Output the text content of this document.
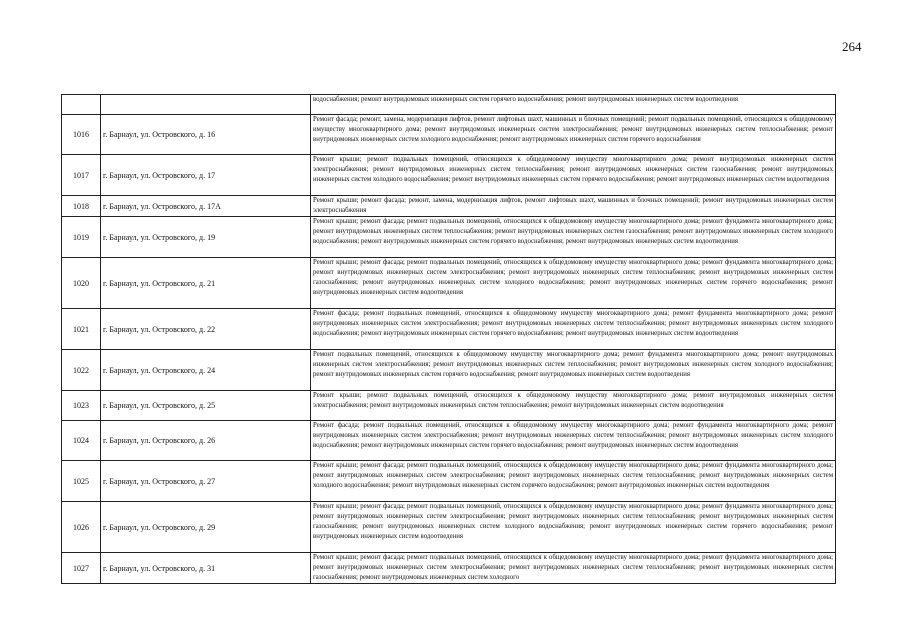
264
		водоснабжения; ремонт внутридомовых инженерных систем горячего водоснабжения; ремонт внутридомовых инженерных систем водоотведения
1016	г. Барнаул, ул. Островского, д. 16	Ремонт фасада; ремонт, замена, модернизация лифтов, ремонт лифтовых шахт, машинных и блочных помещений; ремонт подвальных помещений, относящихся к общедомовому имуществу многоквартирного дома; ремонт внутридомовых инженерных систем электроснабжения; ремонт внутридомовых инженерных систем теплоснабжения; ремонт внутридомовых инженерных систем холодного водоснабжения; ремонт внутридомовых инженерных систем горячего водоснабжения
1017	г. Барнаул, ул. Островского, д. 17	Ремонт крыши; ремонт подвальных помещений, относящихся к общедомовому имуществу многоквартирного дома; ремонт внутридомовых инженерных систем электроснабжения; ремонт внутридомовых инженерных систем теплоснабжения; ремонт внутридомовых инженерных систем газоснабжения; ремонт внутридомовых инженерных систем холодного водоснабжения; ремонт внутридомовых инженерных систем горячего водоснабжения; ремонт внутридомовых инженерных систем водоотведения
1018	г. Барнаул, ул. Островского, д. 17А	Ремонт крыши; ремонт фасада; ремонт, замена, модернизация лифтов, ремонт лифтовых шахт, машинных и блочных помещений; ремонт внутридомовых инженерных систем электроснабжения
1019	г. Барнаул, ул. Островского, д. 19	Ремонт крыши; ремонт фасада; ремонт подвальных помещений, относящихся к общедомовому имуществу многоквартирного дома; ремонт фундамента многоквартирного дома; ремонт внутридомовых инженерных систем теплоснабжения; ремонт внутридомовых инженерных систем газоснабжения; ремонт внутридомовых инженерных систем холодного водоснабжения; ремонт внутридомовых инженерных систем горячего водоснабжения; ремонт внутридомовых инженерных систем водоотведения
1020	г. Барнаул, ул. Островского, д. 21	Ремонт крыши; ремонт фасада; ремонт подвальных помещений, относящихся к общедомовому имуществу многоквартирного дома; ремонт фундамента многоквартирного дома; ремонт внутридомовых инженерных систем электроснабжения; ремонт внутридомовых инженерных систем теплоснабжения; ремонт внутридомовых инженерных систем газоснабжения; ремонт внутридомовых инженерных систем холодного водоснабжения; ремонт внутридомовых инженерных систем горячего водоснабжения; ремонт внутридомовых инженерных систем водоотведения
1021	г. Барнаул, ул. Островского, д. 22	Ремонт фасада; ремонт подвальных помещений, относящихся к общедомовому имуществу многоквартирного дома; ремонт фундамента многоквартирного дома; ремонт внутридомовых инженерных систем электроснабжения; ремонт внутридомовых инженерных систем теплоснабжения; ремонт внутридомовых инженерных систем холодного водоснабжения; ремонт внутридомовых инженерных систем горячего водоснабжения; ремонт внутридомовых инженерных систем водоотведения
1022	г. Барнаул, ул. Островского, д. 24	Ремонт подвальных помещений, относящихся к общедомовому имуществу многоквартирного дома; ремонт фундамента многоквартирного дома; ремонт внутридомовых инженерных систем электроснабжения; ремонт внутридомовых инженерных систем теплоснабжения; ремонт внутридомовых инженерных систем холодного водоснабжения; ремонт внутридомовых инженерных систем горячего водоснабжения; ремонт внутридомовых инженерных систем водоотведения
1023	г. Барнаул, ул. Островского, д. 25	Ремонт крыши; ремонт подвальных помещений, относящихся к общедомовому имуществу многоквартирного дома; ремонт внутридомовых инженерных систем электроснабжения; ремонт внутридомовых инженерных систем теплоснабжения; ремонт внутридомовых инженерных систем водоотведения
1024	г. Барнаул, ул. Островского, д. 26	Ремонт фасада; ремонт подвальных помещений, относящихся к общедомовому имуществу многоквартирного дома; ремонт фундамента многоквартирного дома; ремонт внутридомовых инженерных систем электроснабжения; ремонт внутридомовых инженерных систем теплоснабжения; ремонт внутридомовых инженерных систем холодного водоснабжения; ремонт внутридомовых инженерных систем горячего водоснабжения; ремонт внутридомовых инженерных систем водоотведения
1025	г. Барнаул, ул. Островского, д. 27	Ремонт крыши; ремонт фасада; ремонт подвальных помещений, относящихся к общедомовому имуществу многоквартирного дома; ремонт фундамента многоквартирного дома; ремонт внутридомовых инженерных систем электроснабжения; ремонт внутридомовых инженерных систем теплоснабжения; ремонт внутридомовых инженерных систем холодного водоснабжения; ремонт внутридомовых инженерных систем горячего водоснабжения; ремонт внутридомовых инженерных систем водоотведения
1026	г. Барнаул, ул. Островского, д. 29	Ремонт крыши; ремонт фасада; ремонт подвальных помещений, относящихся к общедомовому имуществу многоквартирного дома; ремонт фундамента многоквартирного дома; ремонт внутридомовых инженерных систем электроснабжения; ремонт внутридомовых инженерных систем теплоснабжения; ремонт внутридомовых инженерных систем газоснабжения; ремонт внутридомовых инженерных систем холодного водоснабжения; ремонт внутридомовых инженерных систем горячего водоснабжения; ремонт внутридомовых инженерных систем водоотведения
1027	г. Барнаул, ул. Островского, д. 31	Ремонт крыши; ремонт фасада; ремонт подвальных помещений, относящихся к общедомовому имуществу многоквартирного дома; ремонт фундамента многоквартирного дома; ремонт внутридомовых инженерных систем электроснабжения; ремонт внутридомовых инженерных систем теплоснабжения; ремонт внутридомовых инженерных систем газоснабжения; ремонт внутридомовых инженерных систем холодного
